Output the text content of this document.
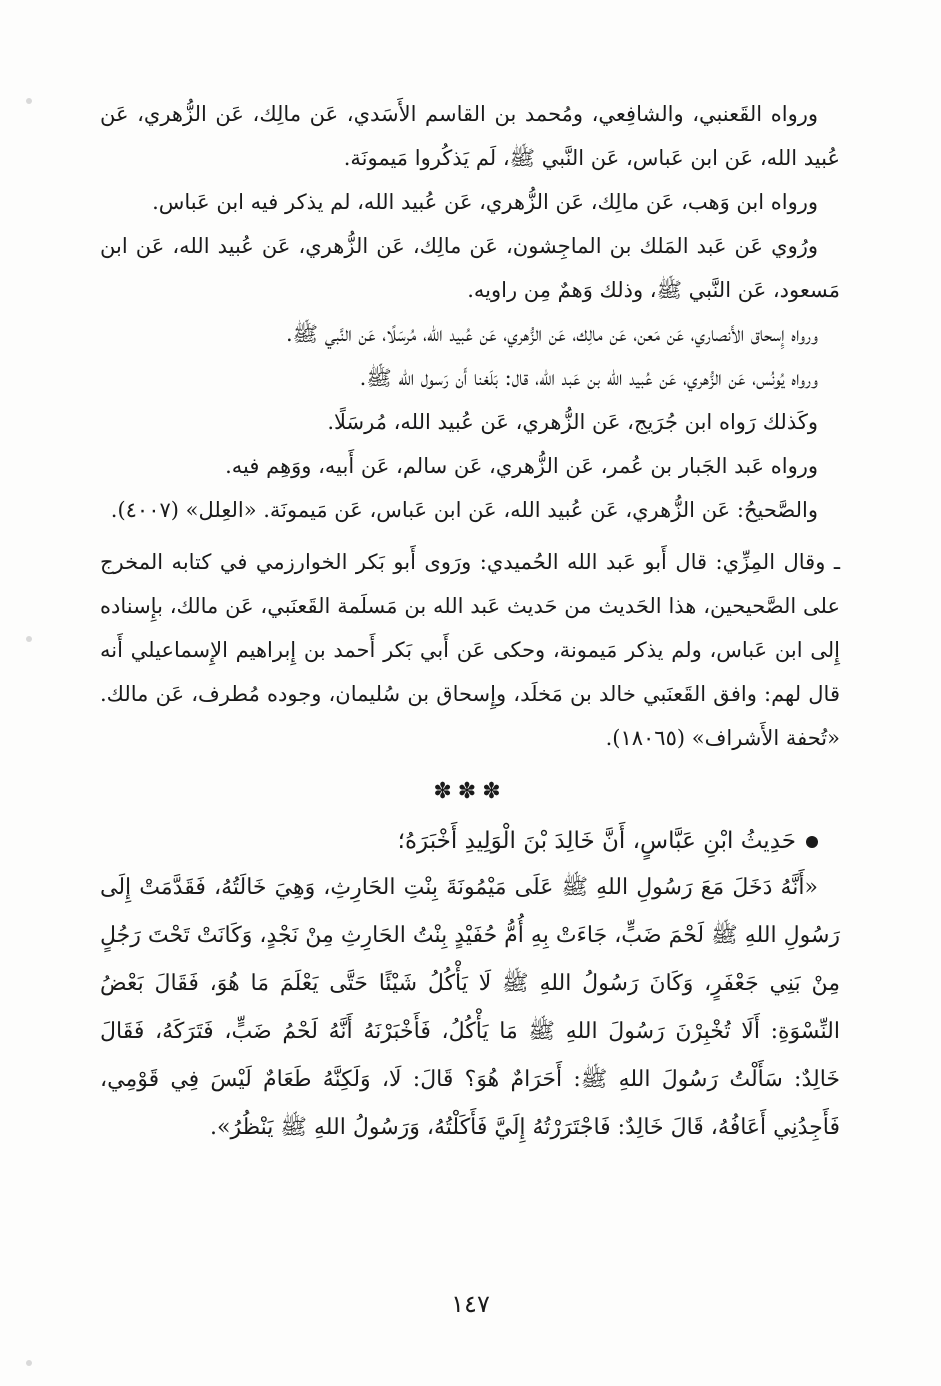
ورواه القَعنبي، والشافِعي، ومُحمد بن القاسم الأَسَدي، عَن مالِك، عَن الزُّهري، عَن عُبيد الله، عَن ابن عَباس، عَن النَّبي ﷺ، لَم يَذكُروا مَيمونَة.

ورواه ابن وَهب، عَن مالِك، عَن الزُّهري، عَن عُبيد الله، لم يذكر فيه ابن عَباس.

ورُوي عَن عَبد المَلك بن الماجِشون، عَن مالِك، عَن الزُّهري، عَن عُبيد الله، عَن ابن مَسعود، عَن النَّبي ﷺ، وذلك وَهمٌ مِن راويه.

ورواه إِسحاق الأَنصاري، عَن مَعن، عَن مالِك، عَن الزُّهري، عَن عُبيد الله، مُرسَلًا، عَن النَّبي ﷺ.

ورواه يُونُس، عَن الزُّهري، عَن عُبيد الله بن عَبد الله، قال: بَلَغنا أَن رَسول الله ﷺ.

وكَذلك رَواه ابن جُرَيج، عَن الزُّهري، عَن عُبيد الله، مُرسَلًا.

ورواه عَبد الجَبار بن عُمر، عَن الزُّهري، عَن سالم، عَن أَبيه، ووَهِم فيه.

والصَّحيحُ: عَن الزُّهري، عَن عُبيد الله، عَن ابن عَباس، عَن مَيمونَة. «العِلل» (٤٠٠٧).

ـ وقال المِزِّي: قال أَبو عَبد الله الحُميدي: ورَوى أَبو بَكر الخوارزمي في كتابه المخرج على الصَّحيحين، هذا الحَديث من حَديث عَبد الله بن مَسلَمة القَعنَبي، عَن مالك، بإِسناده إِلى ابن عَباس، ولم يذكر مَيمونة، وحكى عَن أَبي بَكر أَحمد بن إِبراهيم الإِسماعيلي أَنه قال لهم: وافق القَعنَبي خالد بن مَخلَد، وإِسحاق بن سُليمان، وجوده مُطرف، عَن مالك. «تُحفة الأَشراف» (١٨٠٦٥).

✽✽✽

حَدِيثُ ابْنِ عَبَّاسٍ، أَنَّ خَالِدَ بْنَ الْوَلِيدِ أَخْبَرَهُ؛

«أَنَّهُ دَخَلَ مَعَ رَسُولِ اللهِ ﷺ عَلَى مَيْمُونَةَ بِنْتِ الحَارِثِ، وَهِيَ خَالَتُهُ، فَقَدَّمَتْ إِلَى رَسُولِ اللهِ ﷺ لَحْمَ ضَبٍّ، جَاءَتْ بِهِ أُمُّ حُفَيْدٍ بِنْتُ الحَارِثِ مِنْ نَجْدٍ، وَكَانَتْ تَحْتَ رَجُلٍ مِنْ بَنِي جَعْفَرٍ، وَكَانَ رَسُولُ اللهِ ﷺ لَا يَأْكُلُ شَيْئًا حَتَّى يَعْلَمَ مَا هُوَ، فَقَالَ بَعْضُ النِّسْوَةِ: أَلَا تُخْبِرْنَ رَسُولَ اللهِ ﷺ مَا يَأْكُلُ، فَأَخْبَرْنَهُ أَنَّهُ لَحْمُ ضَبٍّ، فَتَرَكَهُ، فَقَالَ خَالِدٌ: سَأَلْتُ رَسُولَ اللهِ ﷺ: أَحَرَامٌ هُوَ؟ قَالَ: لَا، وَلَكِنَّهُ طَعَامٌ لَيْسَ فِي قَوْمِي، فَأَجِدُنِي أَعَافُهُ، قَالَ خَالِدٌ: فَاجْتَرَرْتُهُ إِلَيَّ فَأَكَلْتُهُ، وَرَسُولُ اللهِ ﷺ يَنْظُرُ».

١٤٧
